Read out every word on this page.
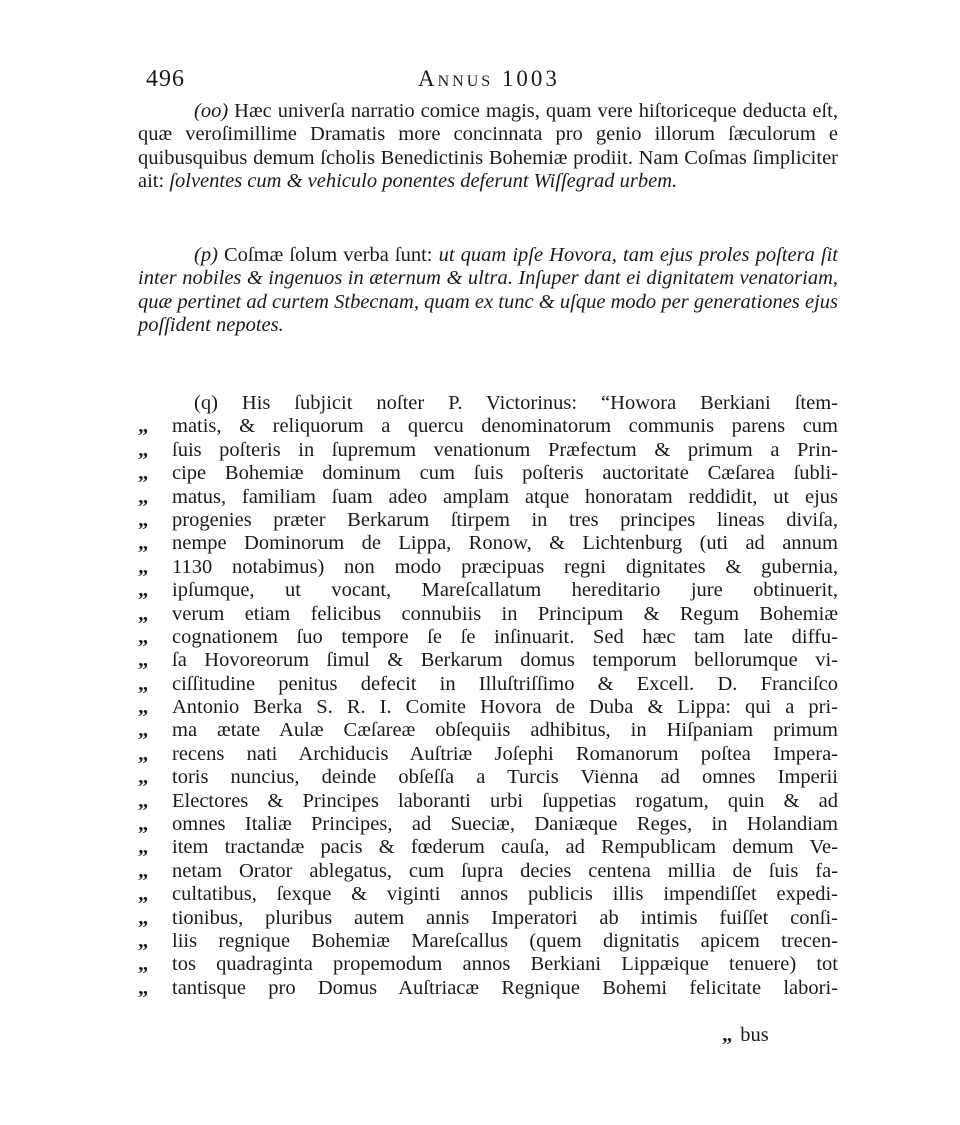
496	Annus 1003

(oo) Hæc univerſa narratio comice magis, quam vere hiſtoriceque deducta eſt, quæ veroſimillime Dramatis more concinnata pro genio illorum ſæculorum e quibusquibus demum ſcholis Benedictinis Bohemiæ prodiit. Nam Coſmas ſimpliciter ait: ſolventes cum & vehiculo ponentes deferunt Wiſſegrad urbem.

(p) Coſmæ ſolum verba ſunt: ut quam ipſe Hovora, tam ejus proles poſtera ſit inter nobiles & ingenuos in æternum & ultra. Inſuper dant ei dignitatem venatoriam, quæ pertinet ad curtem Stbecnam, quam ex tunc & uſque modo per generationes ejus poſſident nepotes.

(q) His ſubjicit noſter P. Victorinus: “Howora Berkiani ſtem-
„	matis, & reliquorum a quercu denominatorum communis parens cum
„	ſuis poſteris in ſupremum venationum Præfectum & primum a Prin-
„	cipe Bohemiæ dominum cum ſuis poſteris auctoritate Cæſarea ſubli-
„	matus, familiam ſuam adeo amplam atque honoratam reddidit, ut ejus
„	progenies præter Berkarum ſtirpem in tres principes lineas diviſa,
„	nempe Dominorum de Lippa, Ronow, & Lichtenburg (uti ad annum
„	1130 notabimus) non modo præcipuas regni dignitates & gubernia,
„	ipſumque, ut vocant, Mareſcallatum hereditario jure obtinuerit,
„	verum etiam felicibus connubiis in Principum & Regum Bohemiæ
„	cognationem ſuo tempore ſe ſe inſinuarit. Sed hæc tam late diffu-
„	ſa Hovoreorum ſimul & Berkarum domus temporum bellorumque vi-
„	ciſſitudine penitus defecit in Illuſtriſſimo & Excell. D. Franciſco
„	Antonio Berka S. R. I. Comite Hovora de Duba & Lippa: qui a pri-
„	ma ætate Aulæ Cæſareæ obſequiis adhibitus, in Hiſpaniam primum
„	recens nati Archiducis Auſtriæ Joſephi Romanorum poſtea Impera-
„	toris nuncius, deinde obſeſſa a Turcis Vienna ad omnes Imperii
„	Electores & Principes laboranti urbi ſuppetias rogatum, quin & ad
„	omnes Italiæ Principes, ad Sueciæ, Daniæque Reges, in Holandiam
„	item tractandæ pacis & fœderum cauſa, ad Rempublicam demum Ve-
„	netam Orator ablegatus, cum ſupra decies centena millia de ſuis fa-
„	cultatibus, ſexque & viginti annos publicis illis impendiſſet expedi-
„	tionibus, pluribus autem annis Imperatori ab intimis fuiſſet conſi-
„	liis regnique Bohemiæ Mareſcallus (quem dignitatis apicem trecen-
„	tos quadraginta propemodum annos Berkiani Lippæique tenuere) tot
„	tantisque pro Domus Auſtriacæ Regnique Bohemi felicitate labori-
„ bus
